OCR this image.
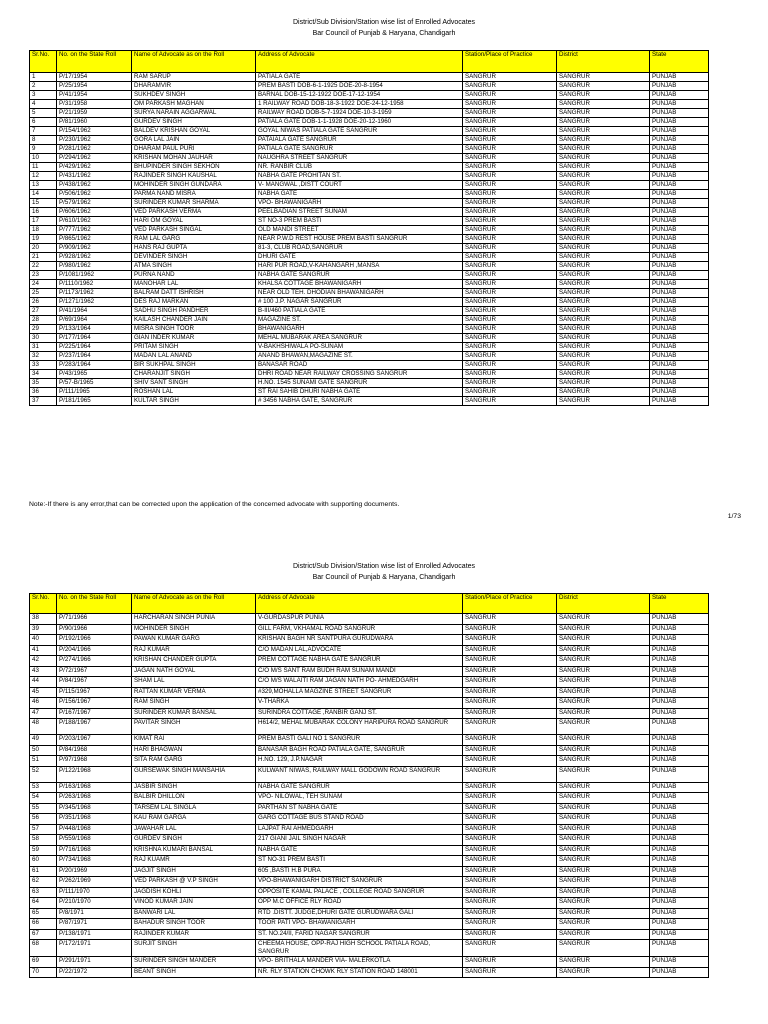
District/Sub Division/Station wise list of Enrolled Advocates
Bar Council of Punjab & Haryana, Chandigarh
Sr.No.	No. on the State Roll	Name of Advocate as on the Roll	Address of Advocate	Station/Place of Practice	District	State
1	P/17/1954	RAM SARUP	PATIALA GATE	SANGRUR	SANGRUR	PUNJAB
2	P/25/1954	DHARAMVIR	PREM BASTI DOB-6-1-1925 DOE-20-8-1954	SANGRUR	SANGRUR	PUNJAB
3	P/41/1954	SUKHDEV SINGH	BARNAL DOB-15-12-1922 DOE-17-12-1954	SANGRUR	SANGRUR	PUNJAB
4	P/31/1958	OM PARKASH MAGHAN	1 RAILWAY ROAD DOB-18-3-1922 DOE-24-12-1958	SANGRUR	SANGRUR	PUNJAB
5	P/21/1959	SURYA NARAIN AGGARWAL	RAILWAY ROAD DOB-5-7-1924 DOE-10-3-1959	SANGRUR	SANGRUR	PUNJAB
6	P/81/1960	GURDEV SINGH	PATIALA GATE DOB-1-1-1928 DOE-20-12-1960	SANGRUR	SANGRUR	PUNJAB
7	P/154/1962	BALDEV KRISHAN GOYAL	GOYAL NIWAS PATIALA GATE SANGRUR	SANGRUR	SANGRUR	PUNJAB
8	P/230/1962	GORA LAL JAIN	PATAIALA GATE SANGRUR	SANGRUR	SANGRUR	PUNJAB
9	P/281/1962	DHARAM PAUL PURI	PATIALA GATE SANGRUR	SANGRUR	SANGRUR	PUNJAB
10	P/294/1962	KRISHAN MOHAN JAUHAR	NAUGHRA STREET SANGRUR	SANGRUR	SANGRUR	PUNJAB
11	P/429/1962	BHUPINDER SINGH SEKHON	NR. RANBIR CLUB	SANGRUR	SANGRUR	PUNJAB
12	P/431/1962	RAJINDER SINGH KAUSHAL	NABHA GATE PROHITAN ST.	SANGRUR	SANGRUR	PUNJAB
13	P/438/1962	MOHINDER SINGH GUNDARA	V- MANGWAL ,DISTT COURT	SANGRUR	SANGRUR	PUNJAB
14	P/506/1962	PARMA NAND MISRA	NABHA GATE	SANGRUR	SANGRUR	PUNJAB
15	P/579/1962	SURINDER KUMAR SHARMA	VPO- BHAWANIGARH	SANGRUR	SANGRUR	PUNJAB
16	P/606/1962	VED PARKASH VERMA	PEELBADIAN STREET SUNAM	SANGRUR	SANGRUR	PUNJAB
17	P/610/1962	HARI OM GOYAL	ST NO-3 PREM BASTI	SANGRUR	SANGRUR	PUNJAB
18	P/777/1962	VED PARKASH SINGAL	OLD MANDI STREET	SANGRUR	SANGRUR	PUNJAB
19	P/865/1962	RAM LAL GARG	NEAR P.W.D REST HOUSE PREM BASTI SANGRUR	SANGRUR	SANGRUR	PUNJAB
20	P/909/1962	HANS RAJ GUPTA	81-3, CLUB ROAD,SANGRUR	SANGRUR	SANGRUR	PUNJAB
21	P/928/1962	DEVINDER SINGH	DHURI GATE	SANGRUR	SANGRUR	PUNJAB
22	P/980/1962	ATMA SINGH	HARI PUR ROAD,V-KAHANGARH ,MANSA	SANGRUR	SANGRUR	PUNJAB
23	P/1081/1962	PURNA NAND	NABHA GATE SANGRUR	SANGRUR	SANGRUR	PUNJAB
24	P/1110/1962	MANOHAR LAL	KHALSA COTTAGE BHAWANIGARH	SANGRUR	SANGRUR	PUNJAB
25	P/1173/1962	BALRAM DATT ISHRISH	NEAR OLD TEH. DHODIAN BHAWANIGARH	SANGRUR	SANGRUR	PUNJAB
26	P/1271/1962	DES RAJ MARKAN	# 100 J.P. NAGAR SANGRUR	SANGRUR	SANGRUR	PUNJAB
27	P/41/1964	SADHU SINGH PANDHER	B-III/460 PATIALA GATE	SANGRUR	SANGRUR	PUNJAB
28	P/69/1964	KAILASH CHANDER JAIN	MAGAZINE ST.	SANGRUR	SANGRUR	PUNJAB
29	P/133/1964	MISRA SINGH TOOR	BHAWANIGARH	SANGRUR	SANGRUR	PUNJAB
30	P/177/1964	GIAN INDER KUMAR	MEHAL MUBARAK AREA SANGRUR	SANGRUR	SANGRUR	PUNJAB
31	P/225/1964	PRITAM SINGH	V-BAKHSHIWALA PO-SUNAM	SANGRUR	SANGRUR	PUNJAB
32	P/237/1964	MADAN LAL ANAND	ANAND BHAWAN,MAGAZINE ST.	SANGRUR	SANGRUR	PUNJAB
33	P/283/1964	BIR SUKHPAL SINGH	BANASAR ROAD	SANGRUR	SANGRUR	PUNJAB
34	P/43/1965	CHARANJIT SINGH	DHRI ROAD NEAR RAILWAY CROSSING SANGRUR	SANGRUR	SANGRUR	PUNJAB
35	P/57-B/1965	SHIV SANT SINGH	H.NO. 1545 SUNAMI GATE SANGRUR	SANGRUR	SANGRUR	PUNJAB
36	P/111/1965	ROSHAN LAL	ST RAI SAHIB DHURI NABHA GATE	SANGRUR	SANGRUR	PUNJAB
37	P/181/1965	KULTAR SINGH	# 3456 NABHA GATE, SANGRUR	SANGRUR	SANGRUR	PUNJAB
Note:-If there is any error,that can be corrected upon the application of the concerned advocate with supporting documents.
1/73
District/Sub Division/Station wise list of Enrolled Advocates
Bar Council of Punjab & Haryana, Chandigarh
Sr.No.	No. on the State Roll	Name of Advocate as on the Roll	Address of Advocate	Station/Place of Practice	District	State
38	P/71/1966	HARCHARAN SINGH PUNIA	V-GURDASPUR PUNIA	SANGRUR	SANGRUR	PUNJAB
39	P/90/1966	MOHINDER SINGH	GILL FARM, VKHAMAL ROAD SANGRUR	SANGRUR	SANGRUR	PUNJAB
40	P/192/1966	PAWAN KUMAR GARG	KRISHAN BAGH NR SANTPURA GURUDWARA	SANGRUR	SANGRUR	PUNJAB
41	P/204/1966	RAJ KUMAR	C/O MADAN LAL,ADVOCATE	SANGRUR	SANGRUR	PUNJAB
42	P/274/1966	KRISHAN CHANDER GUPTA	PREM COTTAGE NABHA GATE SANGRUR	SANGRUR	SANGRUR	PUNJAB
43	P/72/1967	JAGAN NATH GOYAL	C/O M/S SANT RAM BUDH RAM SUNAM MANDI	SANGRUR	SANGRUR	PUNJAB
44	P/84/1967	SHAM LAL	C/O M/S WALAITI RAM JAGAN NATH PO- AHMEDGARH	SANGRUR	SANGRUR	PUNJAB
45	P/115/1967	RATTAN KUMAR VERMA	#329,MOHALLA MAGZINE STREET SANGRUR	SANGRUR	SANGRUR	PUNJAB
46	P/156/1967	RAM SINGH	V-THARKA	SANGRUR	SANGRUR	PUNJAB
47	P/167/1967	SURINDER KUMAR BANSAL	SURINDRA COTTAGE ,RANBIR GANJ ST.	SANGRUR	SANGRUR	PUNJAB
48	P/188/1967	PAVITAR SINGH	H614/2, MEHAL MUBARAK COLONY HARIPURA ROAD SANGRUR	SANGRUR	SANGRUR	PUNJAB
49	P/203/1967	KIMAT RAI	PREM BASTI GALI NO 1 SANGRUR	SANGRUR	SANGRUR	PUNJAB
50	P/84/1968	HARI BHAGWAN	BANASAR BAGH ROAD PATIALA GATE, SANGRUR	SANGRUR	SANGRUR	PUNJAB
51	P/97/1968	SITA RAM GARG	H.NO. 129, J.P.NAGAR	SANGRUR	SANGRUR	PUNJAB
52	P/122/1968	GURSEWAK SINGH MANSAHIA	KULWANT NIWAS, RAILWAY MALL GODOWN ROAD SANGRUR	SANGRUR	SANGRUR	PUNJAB
53	P/163/1968	JASBIR SINGH	NABHA GATE SANGRUR	SANGRUR	SANGRUR	PUNJAB
54	P/263/1968	BALBIR DHILLON	VPO- NILOWAL, TEH SUNAM	SANGRUR	SANGRUR	PUNJAB
55	P/345/1968	TARSEM LAL SINGLA	PARTHAN ST NABHA GATE	SANGRUR	SANGRUR	PUNJAB
56	P/351/1968	KAU RAM GARGA	GARG COTTAGE BUS STAND ROAD	SANGRUR	SANGRUR	PUNJAB
57	P/448/1968	JAWAHAR LAL	LAJPAT RAI AHMEDGARH	SANGRUR	SANGRUR	PUNJAB
58	P/559/1968	GURDEV SINGH	217 GIANI JAIL SINGH NAGAR	SANGRUR	SANGRUR	PUNJAB
59	P/716/1968	KRISHNA KUMARI BANSAL	NABHA GATE	SANGRUR	SANGRUR	PUNJAB
60	P/734/1968	RAJ KUAMR	ST NO-31 PREM BASTI	SANGRUR	SANGRUR	PUNJAB
61	P/20/1969	JAGJIT SINGH	605 ,BASTI H.B PURA	SANGRUR	SANGRUR	PUNJAB
62	P/262/1969	VED PARKASH @ V.P SINGH	VPO-BHAWANIGARH DISTRICT SANGRUR	SANGRUR	SANGRUR	PUNJAB
63	P/111/1970	JAGDISH KOHLI	OPPOSITE KAMAL PALACE , COLLEGE ROAD SANGRUR	SANGRUR	SANGRUR	PUNJAB
64	P/210/1970	VINOD KUMAR JAIN	OPP M.C OFFICE RLY ROAD	SANGRUR	SANGRUR	PUNJAB
65	P/8/1971	BANWARI LAL	RTD .DISTT. JUDGE,DHURI GATE GURUDWARA GALI	SANGRUR	SANGRUR	PUNJAB
66	P/87/1971	BAHADUR SINGH TOOR	TOOR PATI VPO- BHAWANIGARH	SANGRUR	SANGRUR	PUNJAB
67	P/138/1971	RAJINDER KUMAR	ST. NO.24/II, FARID NAGAR SANGRUR	SANGRUR	SANGRUR	PUNJAB
68	P/172/1971	SURJIT SINGH	CHEEMA HOUSE, OPP-RAJ HIGH SCHOOL PATIALA ROAD, SANGRUR	SANGRUR	SANGRUR	PUNJAB
69	P/291/1971	SURINDER SINGH MANDER	VPO- BRITHALA MANDER VIA- MALERKOTLA	SANGRUR	SANGRUR	PUNJAB
70	P/22/1972	BEANT SINGH	NR. RLY STATION CHOWK RLY STATION ROAD 148001	SANGRUR	SANGRUR	PUNJAB
